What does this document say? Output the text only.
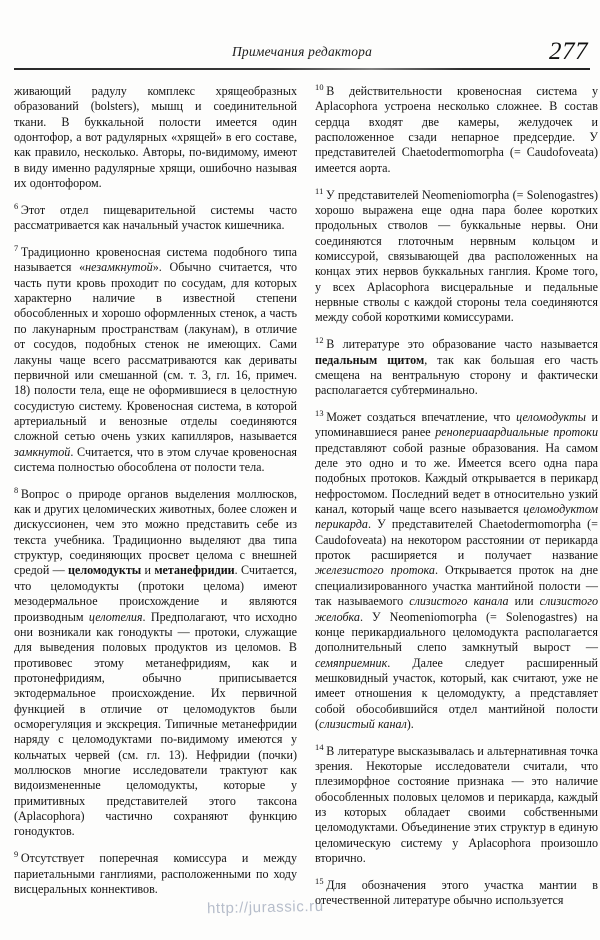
Примечания редактора	277

живающий радулу комплекс хрящеобразных образований (bolsters), мышц и соединительной ткани. В буккальной полости имеется один одонтофор, а вот радулярных «хрящей» в его составе, как правило, несколько. Авторы, по-видимому, имеют в виду именно радулярные хрящи, ошибочно называя их одонтофором.

$^6$ Этот отдел пищеварительной системы часто рассматривается как начальный участок кишечника.

$^7$ Традиционно кровеносная система подобного типа называется «незамкнутой». Обычно считается, что часть пути кровь проходит по сосудам, для которых характерно наличие в известной степени обособленных и хорошо оформленных стенок, а часть по лакунарным пространствам (лакунам), в отличие от сосудов, подобных стенок не имеющих. Сами лакуны чаще всего рассматриваются как дериваты первичной или смешанной (см. т. 3, гл. 16, примеч. 18) полости тела, еще не оформившиеся в целостную сосудистую систему. Кровеносная система, в которой артериальный и венозные отделы соединяются сложной сетью очень узких капилляров, называется замкнутой. Считается, что в этом случае кровеносная система полностью обособлена от полости тела.

$^8$ Вопрос о природе органов выделения моллюсков, как и других целомических животных, более сложен и дискуссионен, чем это можно представить себе из текста учебника. Традиционно выделяют два типа структур, соединяющих просвет целома с внешней средой — целомодукты и метанефридии. Считается, что целомодукты (протоки целома) имеют мезодермальное происхождение и являются производным целотелия. Предполагают, что исходно они возникали как гонодукты — протоки, служащие для выведения половых продуктов из целомов. В противовес этому метанефридиям, как и протонефридиям, обычно приписывается эктодермальное происхождение. Их первичной функцией в отличие от целомодуктов были осморегуляция и экскреция. Типичные метанефридии наряду с целомодуктами по-видимому имеются у кольчатых червей (см. гл. 13). Нефридии (почки) моллюсков многие исследователи трактуют как видоизмененные целомодукты, которые у примитивных представителей этого таксона (Aplacophora) частично сохраняют функцию гонодуктов.

$^9$ Отсутствует поперечная комиссура и между париетальными ганглиями, расположенными по ходу висцеральных коннективов.

$^{10}$ В действительности кровеносная система у Aplacophora устроена несколько сложнее. В состав сердца входят две камеры, желудочек и расположенное сзади непарное предсердие. У представителей Chaetodermomorpha (= Caudofoveata) имеется аорта.

$^{11}$ У представителей Neomeniomorpha (= Solenogastres) хорошо выражена еще одна пара более коротких продольных стволов — буккальные нервы. Они соединяются глоточным нервным кольцом и комиссурой, связывающей два расположенных на концах этих нервов буккальных ганглия. Кроме того, у всех Aplacophora висцеральные и педальные нервные стволы с каждой стороны тела соединяются между собой короткими комиссурами.

$^{12}$ В литературе это образование часто называется педальным щитом, так как большая его часть смещена на вентральную сторону и фактически располагается субтерминально.

$^{13}$ Может создаться впечатление, что целомодукты и упоминавшиеся ранее ренопериаардиальные протоки представляют собой разные образования. На самом деле это одно и то же. Имеется всего одна пара подобных протоков. Каждый открывается в перикард нефростомом. Последний ведет в относительно узкий канал, который чаще всего называется целомодуктом перикарда. У представителей Chaetodermomorpha (= Caudofoveata) на некотором расстоянии от перикарда проток расширяется и получает название железистого протока. Открывается проток на дне специализированного участка мантийной полости — так называемого слизистого канала или слизистого желобка. У Neomeniomorpha (= Solenogastres) на конце перикардиального целомодукта располагается дополнительный слепо замкнутый вырост — семяприемник. Далее следует расширенный мешковидный участок, который, как считают, уже не имеет отношения к целомодукту, а представляет собой обособившийся отдел мантийной полости (слизистый канал).

$^{14}$ В литературе высказывалась и альтернативная точка зрения. Некоторые исследователи считали, что плезиморфное состояние признака — это наличие обособленных половых целомов и перикарда, каждый из которых обладает своими собственными целомодуктами. Объединение этих структур в единую целомическую систему у Aplacophora произошло вторично.

$^{15}$ Для обозначения этого участка мантии в отечественной литературе обычно используется

http://jurassic.ru
